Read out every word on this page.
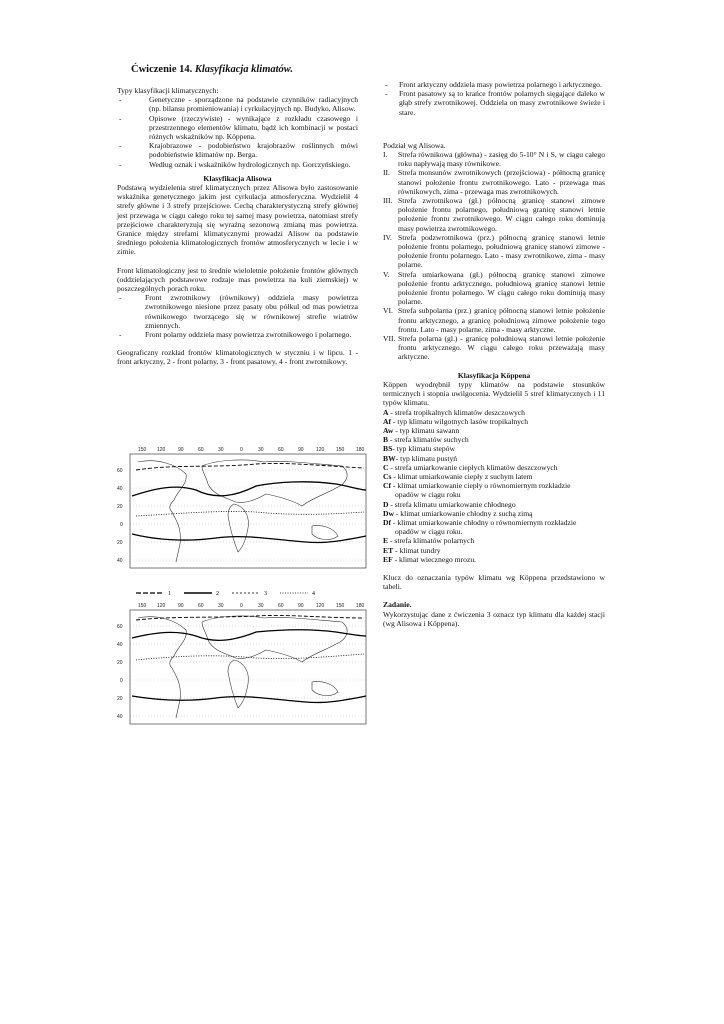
Ćwiczenie 14. Klasyfikacja klimatów.

Typy klasyfikacji klimatycznych:

- Genetyczne - sporządzone na podstawie czynników radiacyjnych (np. bilansu promieniowania) i cyrkulacyjnych np. Budyko, Alisow.
- Opisowe (rzeczywiste) - wynikające z rozkładu czasowego i przestrzennego elementów klimatu, bądź ich kombinacji w postaci różnych wskaźników np. Köppena.
- Krajobrazowe - podobieństwo krajobrazów roślinnych mówi podobieństwie klimatów np. Berga.
- Według oznak i wskaźników hydrologicznych np. Gorczyńskiego.

Klasyfikacja Alisowa

Podstawą wydzielenia stref klimatycznych przez Alisowa było zastosowanie wskaźnika genetycznego jakim jest cyrkulacja atmosferyczna. Wydzielił 4 strefy główne i 3 strefy przejściowe. Cechą charakterystyczną strefy głównej jest przewaga w ciągu całego roku tej samej masy powietrza, natomiast strefy przejściowe charakteryzują się wyraźną sezonową zmianą mas powietrza. Granice między strefami klimatycznymi prowadzi Alisow na podstawie średniego położenia klimatologicznych frontów atmosferycznych w lecie i w zimie.

Front klimatologiczny jest to średnie wieloletnie położenie frontów głównych (oddzielających podstawowe rodzaje mas powietrza na kuli ziemskiej) w poszczególnych porach roku.

- Front zwrotnikowy (równikowy) oddziela masy powietrza zwrotnikowego niesione przez pasaty obu półkul od mas powietrza równikowego tworzącego się w równikowej strefie wiatrów zmiennych.
- Front polarny oddziela masy powietrza zwrotnikowego i polarnego.

Geograficzny rozkład frontów klimatologicznych w styczniu i w lipcu. 1 - front arktyczny, 2 - front polarny, 3 - front pasatowy, 4 - front zwrotnikowy.

150 120	90	60	30	0	30	60	90 120 150 180
60
40
20
0
20
40
1	2	3	4
150 120	90	60	30	0	30	60	90 120 150 180
60
40
20
0
20
40
- Front arktyczny oddziela masy powietrza polarnego i arktycznego.
- Front pasatowy są to krańce frontów polarnych sięgające daleko w głąb strefy zwrotnikowej. Oddziela on masy zwrotnikowe świeże i stare.

Podział wg Alisowa.

I. Strefa równikowa (główna) - zasięg do 5-10° N i S, w ciągu całego roku napływają masy równikowe.
II. Strefa monsunów zwrotnikowych (przejściowa) - północną granicę stanowi położenie frontu zwrotnikowego. Lato - przewaga mas równikowych, zima - przewaga mas zwrotnikowych.
III. Strefa zwrotnikowa (gł.) północną granicę stanowi zimowe położenie frontu polarnego, południową granicę stanowi letnie położenie frontu zwrotnikowego. W ciągu całego roku dominują masy powietrza zwrotnikowego.
IV. Strefa podzwrotnikowa (prz.) północną granicę stanowi letnie położenie frontu polarnego, południową granicę stanowi zimowe -położenie frontu polarnego. Lato - masy zwrotnikowe, zima - masy polarne.
V. Strefa umiarkowana (gł.) północną granicę stanowi zimowe położenie frontu arktycznego, południową granicę stanowi letnie położenie frontu polarnego. W ciągu całego roku dominują masy polarne.
VI. Strefa subpolarna (prz.) granicę północną stanowi letnie położenie frontu arktycznego, a granicę południową zimowe położenie tego frontu. Lato - masy polarne, zima - masy arktyczne.
VII. Strefa polarna (gl.) - granicę południową stanowi letnie położenie frontu arktycznego. W ciągu całego roku przeważają masy arktyczne.

Klasyfikacja Köppena

Köppen wyodrębnił typy klimatów na podstawie stosunków termicznych i stopnia uwilgocenia. Wydzielił 5 stref klimatycznych i 11 typów klimatu.

A - strefa tropikalnych klimatów deszczowych

Af - typ klimatu wilgotnych lasów tropikalnych

Aw - typ klimatu sawann

B - strefa klimatów suchych

BS- typ klimatu stepów

BW- typ klimatu pustyń

C - strefa umiarkowanie ciepłych klimatów deszczowych

Cs - klimat umiarkowanie ciepły z suchym latem

Cf - klimat umiarkowanie ciepły o równomiernym rozkładzie

opadów w ciągu roku

D - strefa klimatu umiarkowanie chłodnego

Dw - klimat umiarkowanie chłodny z suchą zimą

Df - klimat umiarkowanie chłodny o równomiernym rozkładzie

opadów w ciągu roku.

E - strefa klimatów polarnych

ET - klimat tundry

EF - klimat wiecznego mrozu.

Klucz do oznaczania typów klimatu wg Köppena przedstawiono w tabeli.

Zadanie.

Wykorzystując dane z ćwiczenia 3 oznacz typ klimatu dla każdej stacji (wg Alisowa i Köppena).
